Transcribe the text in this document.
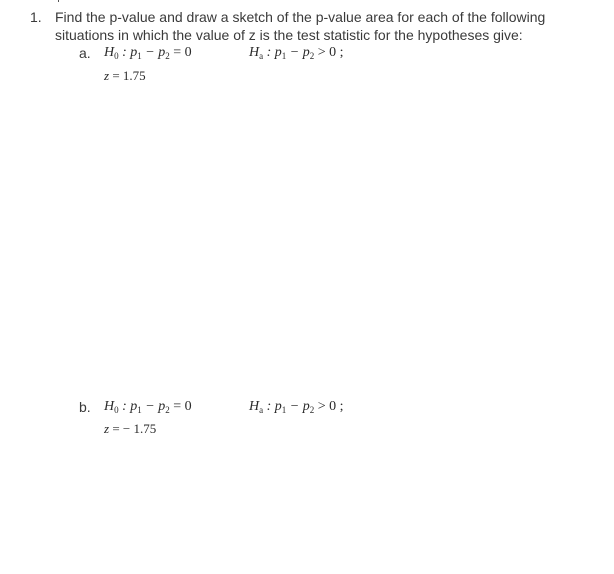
1. Find the p-value and draw a sketch of the p-value area for each of the following situations in which the value of z is the test statistic for the hypotheses give:
a. $H_0$ : $p_1 - p_2 = 0$	$H_a$ : $p_1 - p_2 > 0$ ;
z = 1.75
b. $H_0$ : $p_1 - p_2 = 0$	$H_a$ : $p_1 - p_2 > 0$ ;
z = − 1.75
